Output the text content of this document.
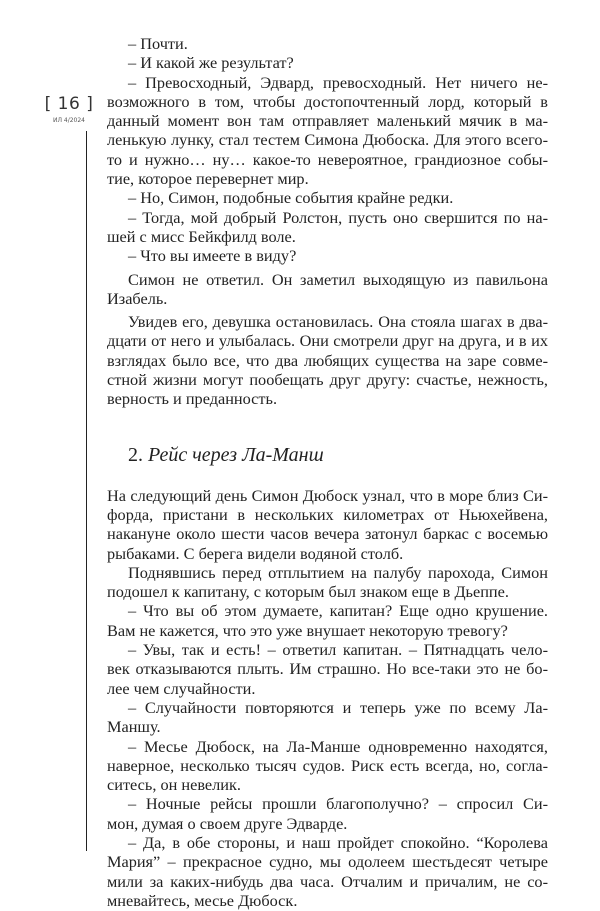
[ 16 ]
ИЛ 4/2024
– Почти.
– И какой же результат?
– Превосходный, Эдвард, превосходный. Нет ничего не-
возможного в том, чтобы достопочтенный лорд, который в
данный момент вон там отправляет маленький мячик в ма-
ленькую лунку, стал тестем Симона Дюбоска. Для этого всего-
то и нужно… ну… какое-то невероятное, грандиозное собы-
тие, которое перевернет мир.
– Но, Симон, подобные события крайне редки.
– Тогда, мой добрый Ролстон, пусть оно свершится по на-
шей с мисс Бейкфилд воле.
– Что вы имеете в виду?
Симон не ответил. Он заметил выходящую из павильона
Изабель.
Увидев его, девушка остановилась. Она стояла шагах в два-
дцати от него и улыбалась. Они смотрели друг на друга, и в их
взглядах было все, что два любящих существа на заре совме-
стной жизни могут пообещать друг другу: счастье, нежность,
верность и преданность.
2. Рейс через Ла-Манш
На следующий день Симон Дюбоск узнал, что в море близ Си-
форда, пристани в нескольких километрах от Ньюхейвена,
накануне около шести часов вечера затонул баркас с восемью
рыбаками. С берега видели водяной столб.
Поднявшись перед отплытием на палубу парохода, Симон
подошел к капитану, с которым был знаком еще в Дьеппе.
– Что вы об этом думаете, капитан? Еще одно крушение.
Вам не кажется, что это уже внушает некоторую тревогу?
– Увы, так и есть! – ответил капитан. – Пятнадцать чело-
век отказываются плыть. Им страшно. Но все-таки это не бо-
лее чем случайности.
– Случайности повторяются и теперь уже по всему Ла-
Маншу.
– Месье Дюбоск, на Ла-Манше одновременно находятся,
наверное, несколько тысяч судов. Риск есть всегда, но, согла-
ситесь, он невелик.
– Ночные рейсы прошли благополучно? – спросил Си-
мон, думая о своем друге Эдварде.
– Да, в обе стороны, и наш пройдет спокойно. “Королева
Мария” – прекрасное судно, мы одолеем шестьдесят четыре
мили за каких-нибудь два часа. Отчалим и причалим, не со-
мневайтесь, месье Дюбоск.
